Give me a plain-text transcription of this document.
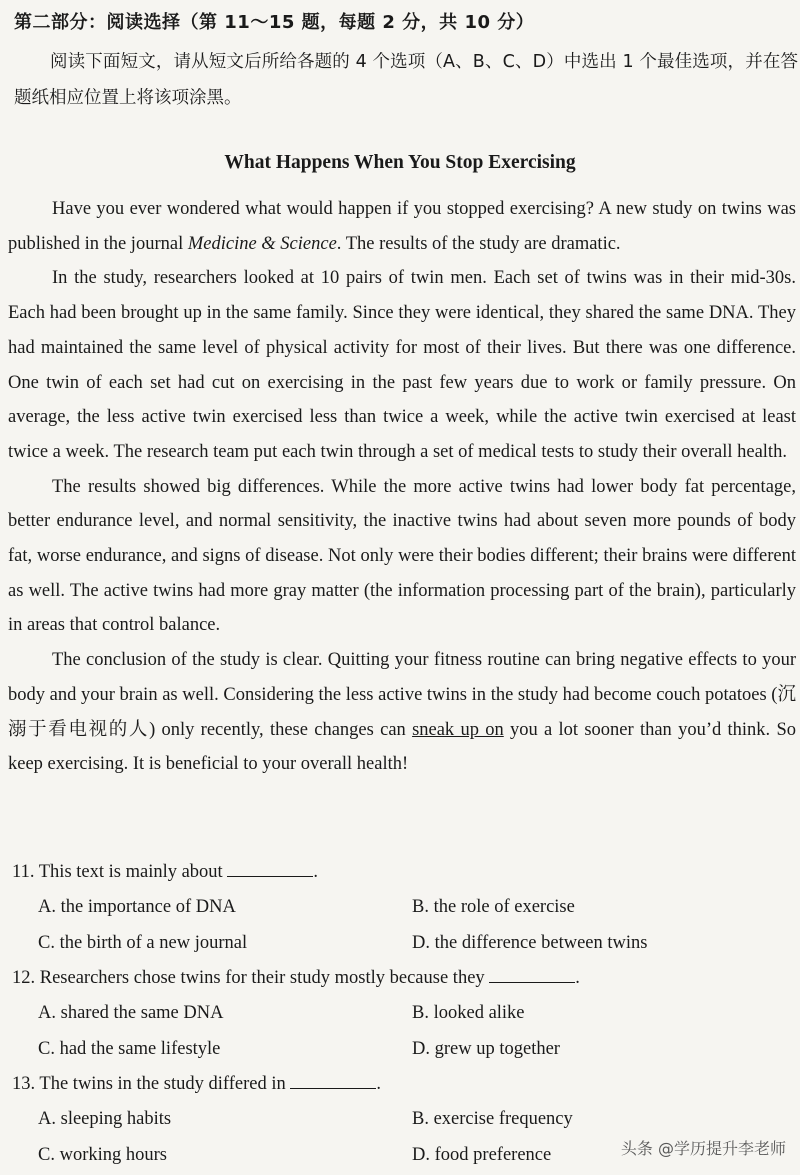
第二部分：阅读选择（第 11～15 题，每题 2 分，共 10 分）
阅读下面短文，请从短文后所给各题的 4 个选项（A、B、C、D）中选出 1 个最佳选项，并在答题纸相应位置上将该项涂黑。
What Happens When You Stop Exercising

Have you ever wondered what would happen if you stopped exercising? A new study on twins was published in the journal Medicine & Science. The results of the study are dramatic.

In the study, researchers looked at 10 pairs of twin men. Each set of twins was in their mid-30s. Each had been brought up in the same family. Since they were identical, they shared the same DNA. They had maintained the same level of physical activity for most of their lives. But there was one difference. One twin of each set had cut on exercising in the past few years due to work or family pressure. On average, the less active twin exercised less than twice a week, while the active twin exercised at least twice a week. The research team put each twin through a set of medical tests to study their overall health.

The results showed big differences. While the more active twins had lower body fat percentage, better endurance level, and normal sensitivity, the inactive twins had about seven more pounds of body fat, worse endurance, and signs of disease. Not only were their bodies different; their brains were different as well. The active twins had more gray matter (the information processing part of the brain), particularly in areas that control balance.

The conclusion of the study is clear. Quitting your fitness routine can bring negative effects to your body and your brain as well. Considering the less active twins in the study had become couch potatoes (沉溺于看电视的人) only recently, these changes can sneak up on you a lot sooner than you’d think. So keep exercising. It is beneficial to your overall health!

11. This text is mainly about	.
A. the importance of DNA	B. the role of exercise
C. the birth of a new journal	D. the difference between twins
12. Researchers chose twins for their study mostly because they	.
A. shared the same DNA	B. looked alike
C. had the same lifestyle	D. grew up together
13. The twins in the study differed in	.
A. sleeping habits	B. exercise frequency
C. working hours	D. food preference	头条 @学历提升李老师
